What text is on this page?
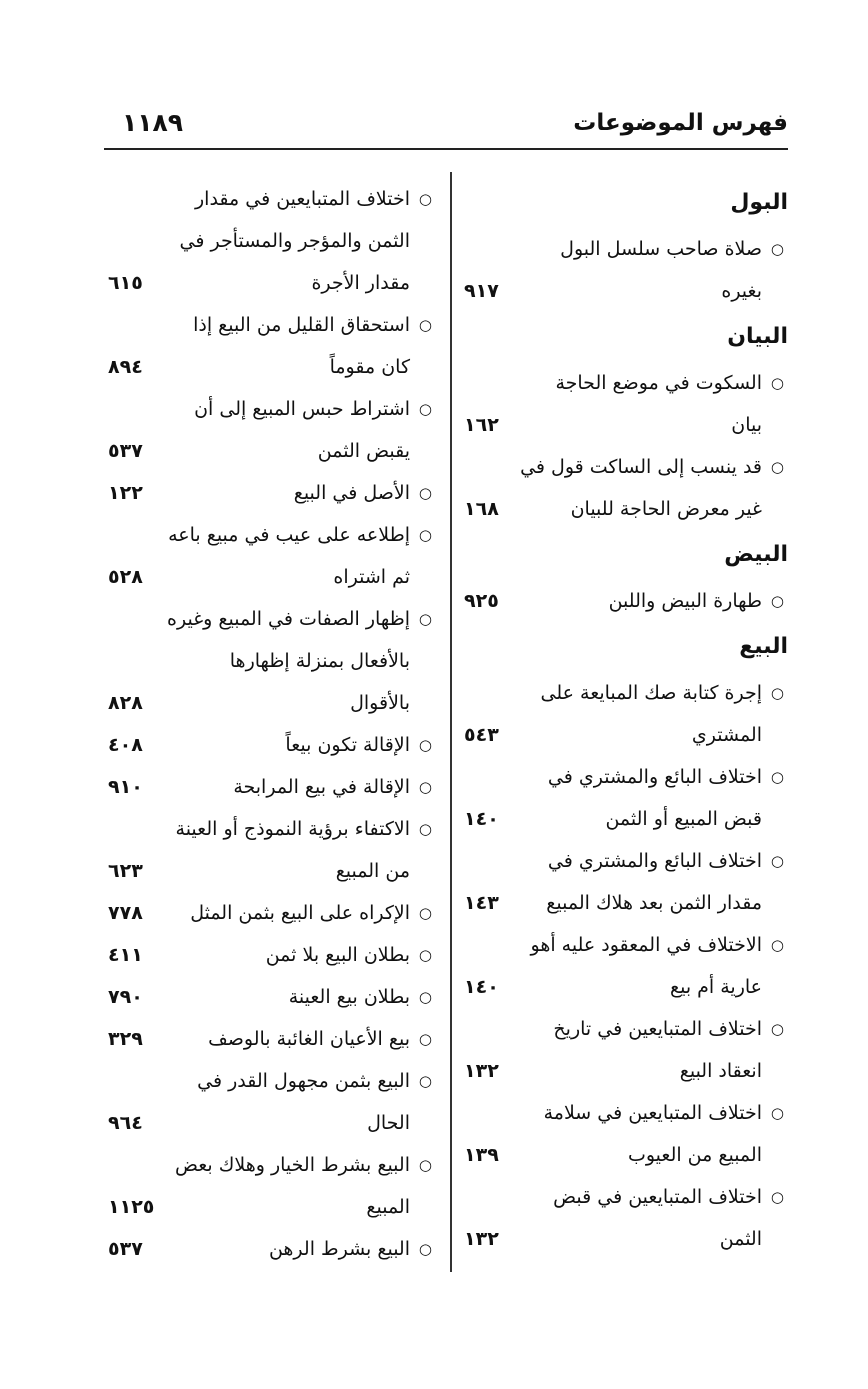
فهرس الموضوعات
١١٨٩
البول
○
صلاة صاحب سلسل البول
بغيره
٩١٧
البيان
○
السكوت في موضع الحاجة
بيان
١٦٢
○
قد ينسب إلى الساكت قول في
غير معرض الحاجة للبيان
١٦٨
البيض
○
طهارة البيض واللبن
٩٢٥
البيع
○
إجرة كتابة صك المبايعة على
المشتري
٥٤٣
○
اختلاف البائع والمشتري في
قبض المبيع أو الثمن
١٤٠
○
اختلاف البائع والمشتري في
مقدار الثمن بعد هلاك المبيع
١٤٣
○
الاختلاف في المعقود عليه أهو
عارية أم بيع
١٤٠
○
اختلاف المتبايعين في تاريخ
انعقاد البيع
١٣٢
○
اختلاف المتبايعين في سلامة
المبيع من العيوب
١٣٩
○
اختلاف المتبايعين في قبض
الثمن
١٣٢
○
اختلاف المتبايعين في مقدار
الثمن والمؤجر والمستأجر في
مقدار الأجرة
٦١٥
○
استحقاق القليل من البيع إذا
كان مقوماً
٨٩٤
○
اشتراط حبس المبيع إلى أن
يقبض الثمن
٥٣٧
○
الأصل في البيع
١٢٢
○
إطلاعه على عيب في مبيع باعه
ثم اشتراه
٥٢٨
○
إظهار الصفات في المبيع وغيره
بالأفعال بمنزلة إظهارها
بالأقوال
٨٢٨
○
الإقالة تكون بيعاً
٤٠٨
○
الإقالة في بيع المرابحة
٩١٠
○
الاكتفاء برؤية النموذج أو العينة
من المبيع
٦٢٣
○
الإكراه على البيع بثمن المثل
٧٧٨
○
بطلان البيع بلا ثمن
٤١١
○
بطلان بيع العينة
٧٩٠
○
بيع الأعيان الغائبة بالوصف
٣٢٩
○
البيع بثمن مجهول القدر في
الحال
٩٦٤
○
البيع بشرط الخيار وهلاك بعض
المبيع
١١٢٥
○
البيع بشرط الرهن
٥٣٧
